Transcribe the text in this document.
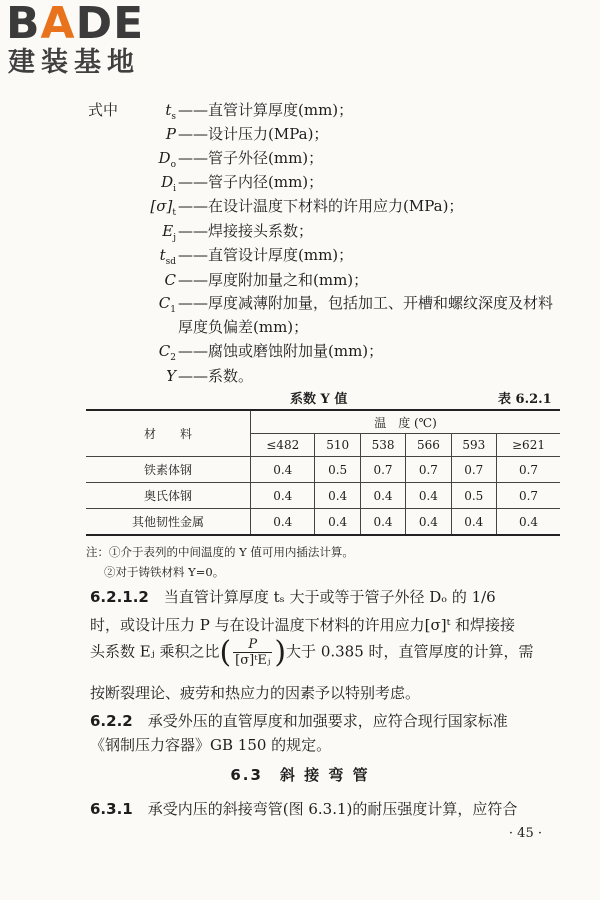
BADE
建装基地
式中	$t_s$ ——直管计算厚度(mm)；
P ——设计压力(MPa)；
$D_o$ ——管子外径(mm)；
$D_i$ ——管子内径(mm)；
$[\sigma]_t$ ——在设计温度下材料的许用应力(MPa)；
$E_j$ ——焊接接头系数；
$t_{sd}$ ——直管设计厚度(mm)；
C ——厚度附加量之和(mm)；
$C_1$ ——厚度减薄附加量，包括加工、开槽和螺纹深度及材料
厚度负偏差(mm)；
$C_2$ ——腐蚀或磨蚀附加量(mm)；
Y ——系数。
系数 Y 值	表 6.2.1
材　　料	温　度 (℃)					
	≤482	510	538	566	593	≥621
铁素体钢	0.4	0.5	0.7	0.7	0.7	0.7
奥氏体钢	0.4	0.4	0.4	0.4	0.5	0.7
其他韧性金属	0.4	0.4	0.4	0.4	0.4	0.4
注：①介于表列的中间温度的 Y 值可用内插法计算。
②对于铸铁材料 Y=0。
6.2.1.2　 当直管计算厚度 tₛ 大于或等于管子外径 Dₒ 的 1/6
时，或设计压力 P 与在设计温度下材料的许用应力[σ]ᵗ 和焊接接
头系数 Eⱼ 乘积之比( $\frac{P}{\text{[σ]ᵗEⱼ}}$ )大于 0.385 时，直管厚度的计算，需
按断裂理论、疲劳和热应力的因素予以特别考虑。
6.2.2　 承受外压的直管厚度和加强要求，应符合现行国家标准
《钢制压力容器》GB 150 的规定。
6.3　 斜 接 弯 管
6.3.1　 承受内压的斜接弯管(图 6.3.1)的耐压强度计算，应符合
· 45 ·
